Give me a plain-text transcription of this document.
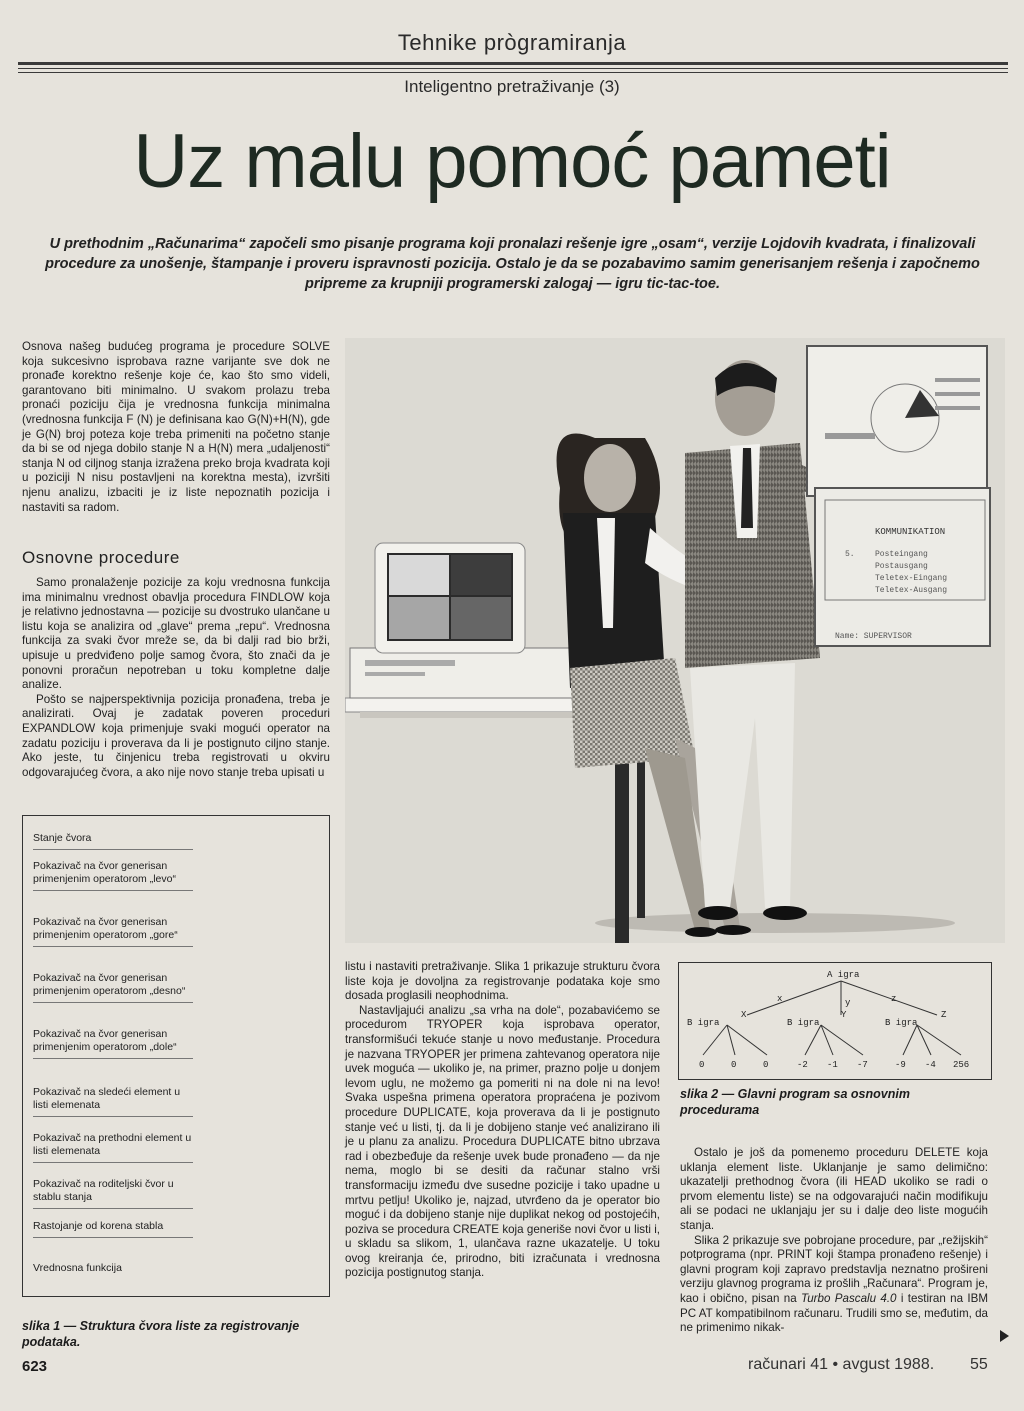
Tehnike prògramiranja
Inteligentno pretraživanje (3)
Uz malu pomoć pameti
U prethodnim „Računarima“ započeli smo pisanje programa koji pronalazi rešenje igre „osam“, verzije Lojdovih kvadrata, i finalizovali procedure za unošenje, štampanje i proveru ispravnosti pozicija. Ostalo je da se pozabavimo samim generisanjem rešenja i započnemo pripreme za krupniji programerski zalogaj — igru tic-tac-toe.

Osnova našeg budućeg programa je procedure SOLVE koja sukcesivno isprobava razne varijante sve dok ne pronađe korektno rešenje koje će, kao što smo videli, garantovano biti minimalno. U svakom prolazu treba pronaći poziciju čija je vrednosna funkcija minimalna (vrednosna funkcija F (N) je definisana kao G(N)+H(N), gde je G(N) broj poteza koje treba primeniti na početno stanje da bi se od njega dobilo stanje N a H(N) mera „udaljenosti“ stanja N od ciljnog stanja izražena preko broja kvadrata koji u poziciji N nisu postavljeni na korektna mesta), izvršiti njenu analizu, izbaciti je iz liste nepoznatih pozicija i nastaviti sa radom.

Osnovne procedure

Samo pronalaženje pozicije za koju vrednosna funkcija ima minimalnu vrednost obavlja procedura FINDLOW koja je relativno jednostavna — pozicije su dvostruko ulančane u listu koja se analizira od „glave“ prema „repu“. Vrednosna funkcija za svaki čvor mreže se, da bi dalji rad bio brži, upisuje u predviđeno polje samog čvora, što znači da je ponovni proračun nepotreban u toku kompletne dalje analize.

Pošto se najperspektivnija pozicija pronađena, treba je analizirati. Ovaj je zadatak poveren proceduri EXPANDLOW koja primenjuje svaki mogući operator na zadatu poziciju i proverava da li je postignuto ciljno stanje. Ako jeste, tu činjenicu treba registrovati u okviru odgovarajućeg čvora, a ako nije novo stanje treba upisati u

Stanje čvora
Pokazivač na čvor generisan primenjenim operatorom „levo“
Pokazivač na čvor generisan primenjenim operatorom „gore“
Pokazivač na čvor generisan primenjenim operatorom „desno“
Pokazivač na čvor generisan primenjenim operatorom „dole“
Pokazivač na sledeći element u listi elemenata
Pokazivač na prethodni element u listi elemenata
Pokazivač na roditeljski čvor u stablu stanja
Rastojanje od korena stabla
Vrednosna funkcija
slika 1 — Struktura čvora liste za registrovanje podataka.
623
KOMMUNIKATION
5.	Posteingang
Postausgang
Teletex-Eingang
Teletex-Ausgang
Name: SUPERVISOR

listu i nastaviti pretraživanje. Slika 1 prikazuje strukturu čvora liste koja je dovoljna za registrovanje podataka koje smo dosada proglasili neophodnima.

Nastavljajući analizu „sa vrha na dole“, pozabavićemo se procedurom TRYOPER koja isprobava operator, transformišući tekuće stanje u novo međustanje. Procedura je nazvana TRYOPER jer primena zahtevanog operatora nije uvek moguća — ukoliko je, na primer, prazno polje u donjem levom uglu, ne možemo ga pomeriti ni na dole ni na levo! Svaka uspešna primena operatora propraćena je pozivom procedure DUPLICATE, koja proverava da li je postignuto stanje već u listi, tj. da li je dobijeno stanje već analizirano ili je u planu za analizu. Procedura DUPLICATE bitno ubrzava rad i obezbeđuje da rešenje uvek bude pronađeno — da nje nema, moglo bi se desiti da računar stalno vrši transformaciju između dve susedne pozicije i tako upadne u mrtvu petlju! Ukoliko je, najzad, utvrđeno da je operator bio moguć i da dobijeno stanje nije duplikat nekog od postojećih, poziva se procedura CREATE koja generiše novi čvor u listi i, u skladu sa slikom, 1, ulančava razne ukazatelje. U toku ovog kreiranja će, prirodno, biti izračunata i vrednosna pozicija postignutog stanja.

A igra
x	y	z
B igra	B igra	B igra
X	Y	Z
0	0	0	-2 -1 -7	-9 -4 256
slika 2 — Glavni program sa osnovnim procedurama

Ostalo je još da pomenemo proceduru DELETE koja uklanja element liste. Uklanjanje je samo delimično: ukazatelji prethodnog čvora (ili HEAD ukoliko se radi o prvom elementu liste) se na odgovarajući način modifikuju ali se podaci ne uklanjaju jer su i dalje deo liste mogućih stanja.

Slika 2 prikazuje sve pobrojane procedure, par „režijskih“ potprograma (npr. PRINT koji štampa pronađeno rešenje) i glavni program koji zapravo predstavlja neznatno prošireni verziju glavnog programa iz prošlih „Računara“. Program je, kao i obično, pisan na Turbo Pascalu 4.0 i testiran na IBM PC AT kompatibilnom računaru. Trudili smo se, međutim, da ne primenimo nikak-

računari 41 • avgust 1988. 55
